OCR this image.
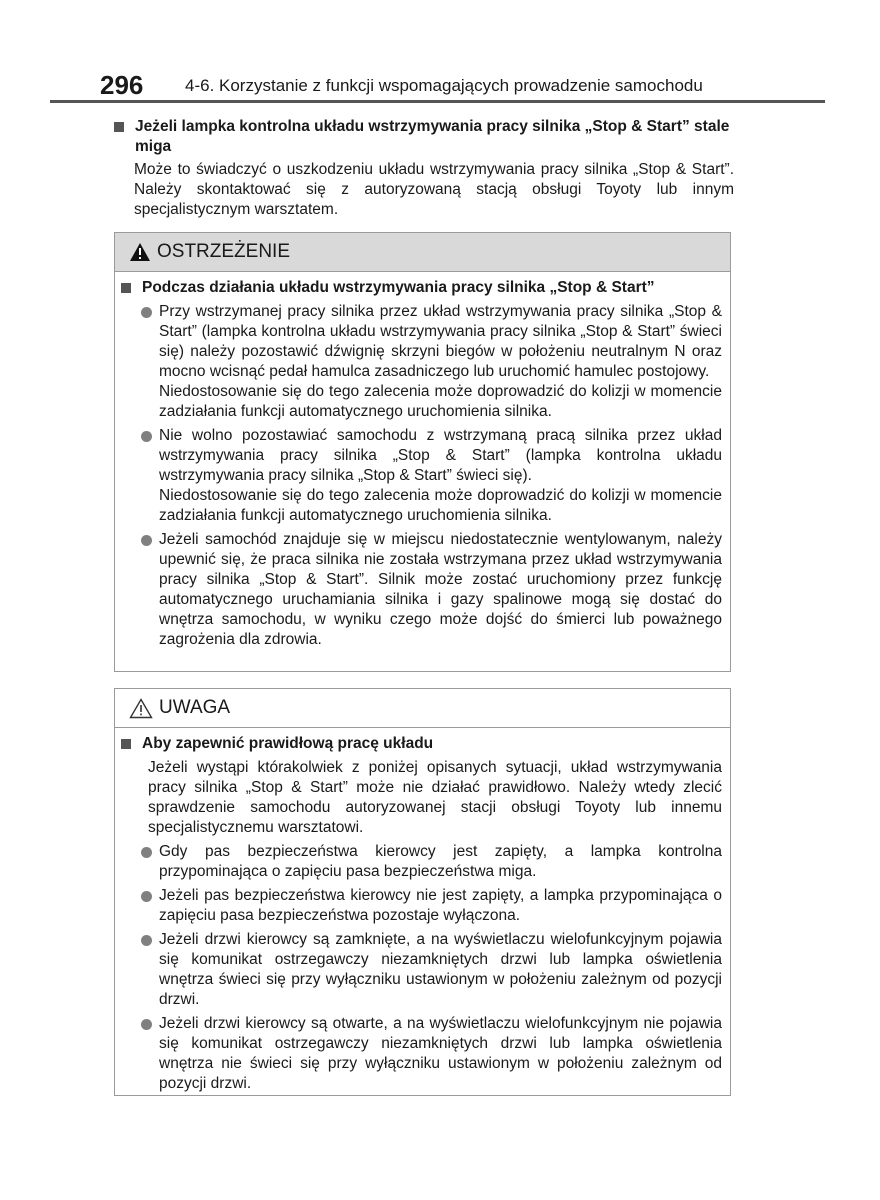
296 4-6. Korzystanie z funkcji wspomagających prowadzenie samochodu
Jeżeli lampka kontrolna układu wstrzymywania pracy silnika „Stop & Start” stale miga
Może to świadczyć o uszkodzeniu układu wstrzymywania pracy silnika „Stop & Start”. Należy skontaktować się z autoryzowaną stacją obsługi Toyoty lub innym specjalistycznym warsztatem.
OSTRZEŻENIE
Podczas działania układu wstrzymywania pracy silnika „Stop & Start”
Przy wstrzymanej pracy silnika przez układ wstrzymywania pracy silnika „Stop & Start” (lampka kontrolna układu wstrzymywania pracy silnika „Stop & Start” świeci się) należy pozostawić dźwignię skrzyni biegów w położeniu neutralnym N oraz mocno wcisnąć pedał hamulca zasadniczego lub uruchomić hamulec postojowy.
Niedostosowanie się do tego zalecenia może doprowadzić do kolizji w momencie zadziałania funkcji automatycznego uruchomienia silnika.
Nie wolno pozostawiać samochodu z wstrzymaną pracą silnika przez układ wstrzymywania pracy silnika „Stop & Start” (lampka kontrolna układu wstrzymywania pracy silnika „Stop & Start” świeci się).
Niedostosowanie się do tego zalecenia może doprowadzić do kolizji w momencie zadziałania funkcji automatycznego uruchomienia silnika.
Jeżeli samochód znajduje się w miejscu niedostatecznie wentylowanym, należy upewnić się, że praca silnika nie została wstrzymana przez układ wstrzymywania pracy silnika „Stop & Start”. Silnik może zostać uruchomiony przez funkcję automatycznego uruchamiania silnika i gazy spalinowe mogą się dostać do wnętrza samochodu, w wyniku czego może dojść do śmierci lub poważnego zagrożenia dla zdrowia.
UWAGA
Aby zapewnić prawidłową pracę układu
Jeżeli wystąpi którakolwiek z poniżej opisanych sytuacji, układ wstrzymywania pracy silnika „Stop & Start” może nie działać prawidłowo. Należy wtedy zlecić sprawdzenie samochodu autoryzowanej stacji obsługi Toyoty lub innemu specjalistycznemu warsztatowi.
Gdy pas bezpieczeństwa kierowcy jest zapięty, a lampka kontrolna przypominająca o zapięciu pasa bezpieczeństwa miga.
Jeżeli pas bezpieczeństwa kierowcy nie jest zapięty, a lampka przypominająca o zapięciu pasa bezpieczeństwa pozostaje wyłączona.
Jeżeli drzwi kierowcy są zamknięte, a na wyświetlaczu wielofunkcyjnym pojawia się komunikat ostrzegawczy niezamkniętych drzwi lub lampka oświetlenia wnętrza świeci się przy wyłączniku ustawionym w położeniu zależnym od pozycji drzwi.
Jeżeli drzwi kierowcy są otwarte, a na wyświetlaczu wielofunkcyjnym nie pojawia się komunikat ostrzegawczy niezamkniętych drzwi lub lampka oświetlenia wnętrza nie świeci się przy wyłączniku ustawionym w położeniu zależnym od pozycji drzwi.
